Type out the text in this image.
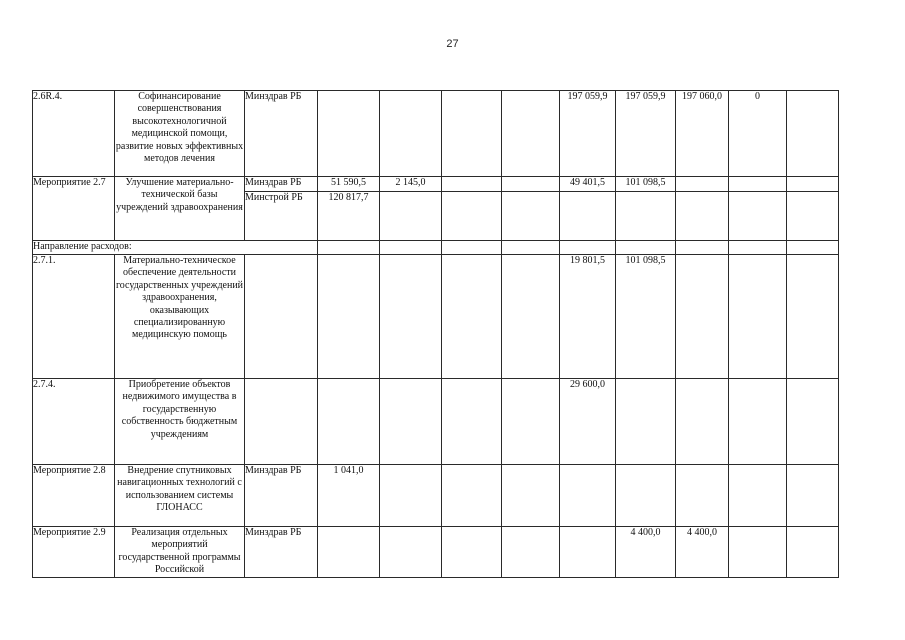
27
2.6R.4.	Софинансирование совершенствования высокотехнологичной медицинской помощи, развитие новых эффективных методов лечения	Минздрав РБ					197 059,9	197 059,9	197 060,0	0	
Мероприятие 2.7	Улучшение материально-технической базы учреждений здравоохранения	Минздрав РБ	51 590,5	2 145,0			49 401,5	101 098,5			
		Минстрой РБ	120 817,7								
Направление расходов:											
2.7.1.	Материально-техническое обеспечение деятельности государственных учреждений здравоохранения, оказывающих специализированную медицинскую помощь						19 801,5	101 098,5			
2.7.4.	Приобретение объектов недвижимого имущества в государственную собственность бюджетным учреждениям						29 600,0				
Мероприятие 2.8	Внедрение спутниковых навигационных технологий с использованием системы ГЛОНАСС	Минздрав РБ	1 041,0								
Мероприятие 2.9	Реализация отдельных мероприятий государственной программы Российской	Минздрав РБ						4 400,0	4 400,0		
